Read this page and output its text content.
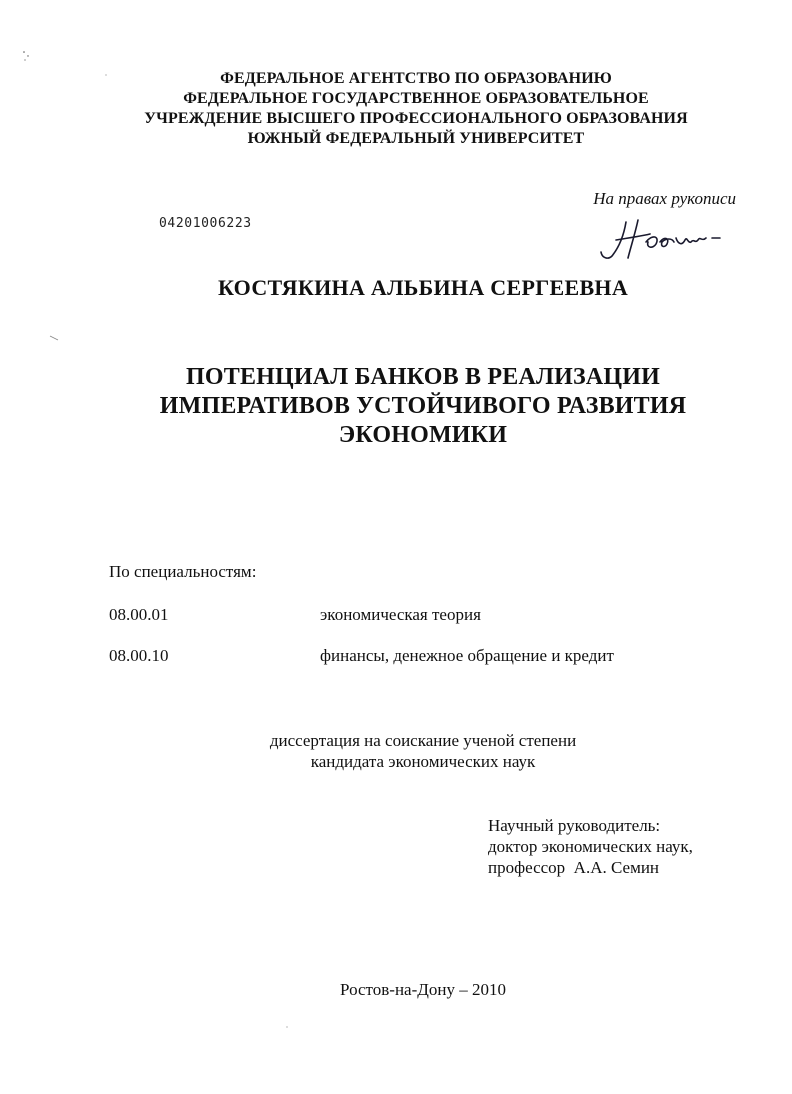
ФЕДЕРАЛЬНОЕ АГЕНТСТВО ПО ОБРАЗОВАНИЮ
ФЕДЕРАЛЬНОЕ ГОСУДАРСТВЕННОЕ ОБРАЗОВАТЕЛЬНОЕ
УЧРЕЖДЕНИЕ ВЫСШЕГО ПРОФЕССИОНАЛЬНОГО ОБРАЗОВАНИЯ
ЮЖНЫЙ ФЕДЕРАЛЬНЫЙ УНИВЕРСИТЕТ
На правах рукописи
04201006223
КОСТЯКИНА АЛЬБИНА СЕРГЕЕВНА
ПОТЕНЦИАЛ БАНКОВ В РЕАЛИЗАЦИИ
ИМПЕРАТИВОВ УСТОЙЧИВОГО РАЗВИТИЯ
ЭКОНОМИКИ
По специальностям:
08.00.01	экономическая теория
08.00.10	финансы, денежное обращение и кредит
диссертация на соискание ученой степени
кандидата экономических наук
Научный руководитель:
доктор экономических наук,
профессор  А.А. Семин
Ростов-на-Дону – 2010
